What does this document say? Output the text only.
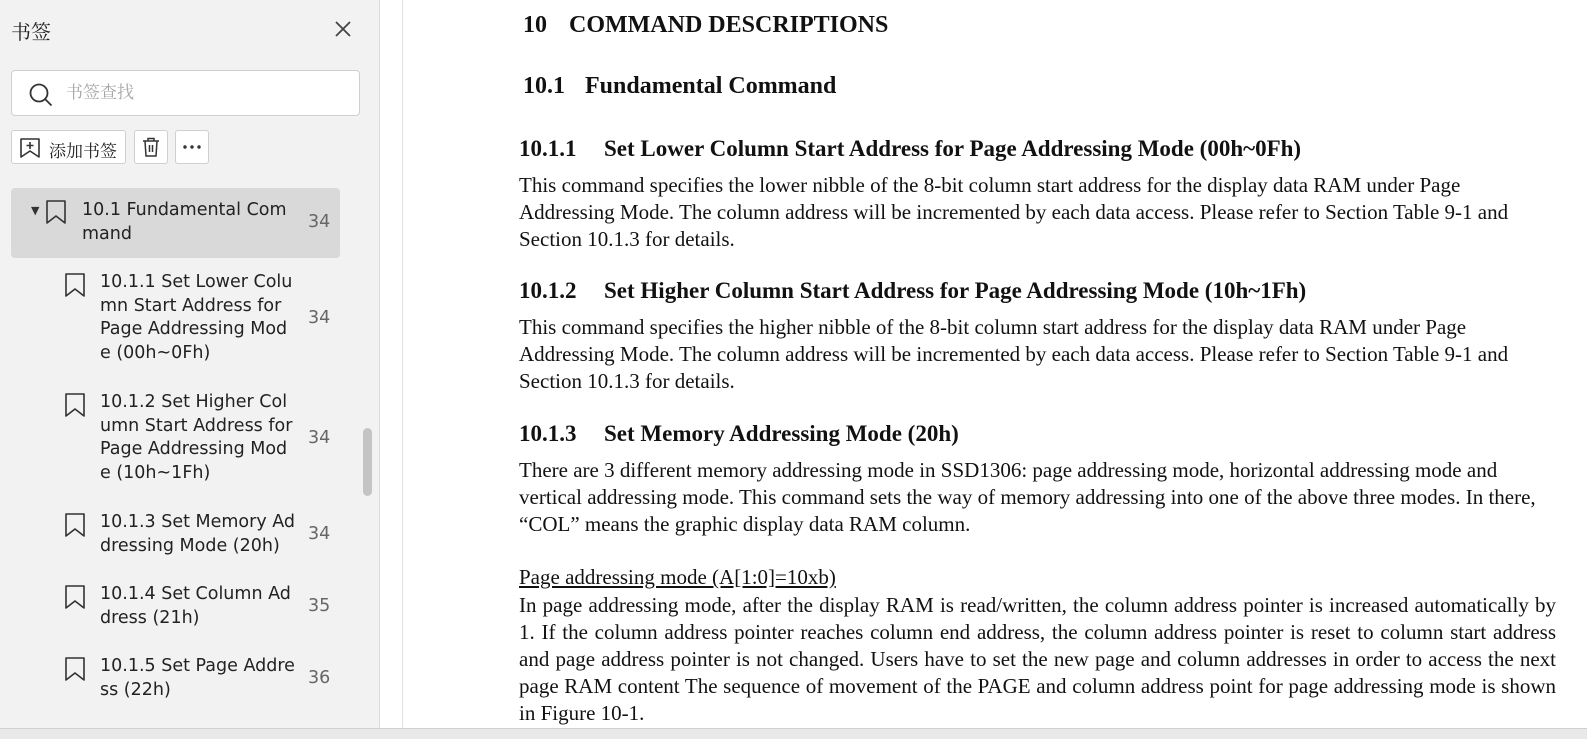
书签
书签查找
添加书签
▼ 10.1 Fundamental Command
34
10.1.1 Set Lower Column Start Address for Page Addressing Mode (00h~0Fh)
34
10.1.2 Set Higher Column Start Address for Page Addressing Mode (10h~1Fh)
34
10.1.3 Set Memory Addressing Mode (20h)
34
10.1.4 Set Column Address (21h)
35
10.1.5 Set Page Address (22h)
36
10 COMMAND DESCRIPTIONS
10.1 Fundamental Command
10.1.1 Set Lower Column Start Address for Page Addressing Mode (00h~0Fh)
This command specifies the lower nibble of the 8-bit column start address for the display data RAM under Page Addressing Mode. The column address will be incremented by each data access. Please refer to Section Table 9-1 and Section 10.1.3 for details.
10.1.2 Set Higher Column Start Address for Page Addressing Mode (10h~1Fh)
This command specifies the higher nibble of the 8-bit column start address for the display data RAM under Page Addressing Mode. The column address will be incremented by each data access. Please refer to Section Table 9-1 and Section 10.1.3 for details.
10.1.3 Set Memory Addressing Mode (20h)
There are 3 different memory addressing mode in SSD1306: page addressing mode, horizontal addressing mode and vertical addressing mode. This command sets the way of memory addressing into one of the above three modes. In there, “COL” means the graphic display data RAM column.
Page addressing mode (A[1:0]=10xb)
In page addressing mode, after the display RAM is read/written, the column address pointer is increased automatically by 1. If the column address pointer reaches column end address, the column address pointer is reset to column start address and page address pointer is not changed. Users have to set the new page and column addresses in order to access the next page RAM content The sequence of movement of the PAGE and column address point for page addressing mode is shown in Figure 10-1.
